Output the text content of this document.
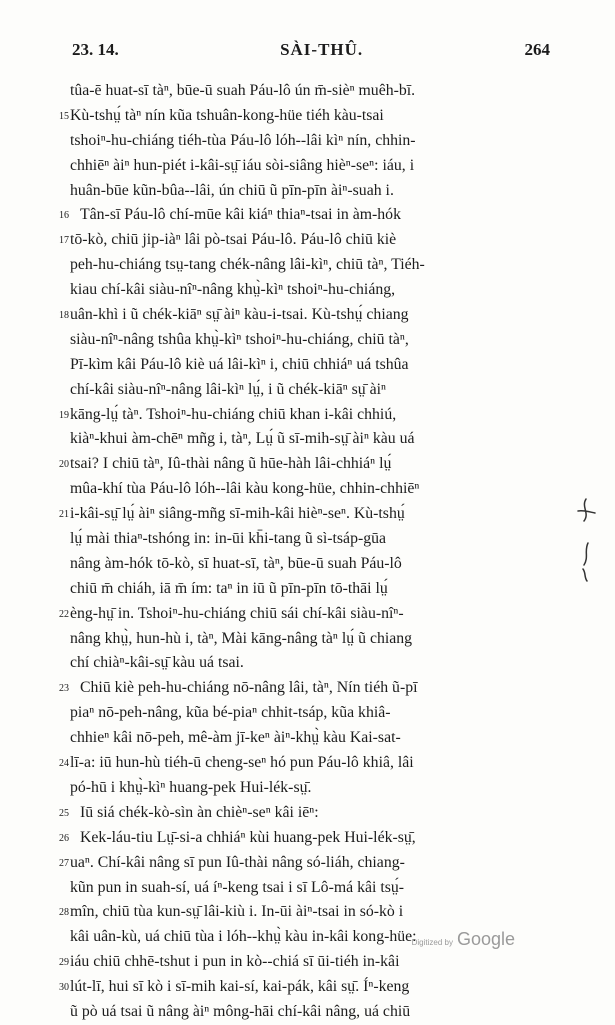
23. 14.	SÀI-THÛ.	264
tûa-ē huat-sī tàⁿ, būe-ū suah Páu-lô ún m̄-sièⁿ muêh-bī.
15 Kù-tshṳ́ tàⁿ nín kũa tshuân-kong-hüe tiéh kàu-tsai
tshoiⁿ-hu-chiáng tiéh-tùa Páu-lô lóh--lâi kìⁿ nín, chhin-
chhiēⁿ àiⁿ hun-piét i-kâi-sṳ̄ iáu sòi-siâng hièⁿ-seⁿ: iáu, i
huân-būe kũn-bûa--lâi, ún chiū ũ pīn-pīn àiⁿ-suah i.
16 Tân-sī Páu-lô chí-mūe kâi kiáⁿ thiaⁿ-tsai in àm-hók
17 tō-kò, chiū jip-iàⁿ lâi pò-tsai Páu-lô. Páu-lô chiū kiè
peh-hu-chiáng tsṳ-tang chék-nâng lâi-kìⁿ, chiū tàⁿ, Tiéh-
kiau chí-kâi siàu-nîⁿ-nâng khṳ̀-kìⁿ tshoiⁿ-hu-chiáng,
18 uân-khì i ũ chék-kiāⁿ sṳ̄ àiⁿ kàu-i-tsai. Kù-tshṳ́ chiang
siàu-nîⁿ-nâng tshûa khṳ̀-kìⁿ tshoiⁿ-hu-chiáng, chiū tàⁿ,
Pī-kìm kâi Páu-lô kiè uá lâi-kìⁿ i, chiū chhiáⁿ uá tshûa
chí-kâi siàu-nîⁿ-nâng lâi-kìⁿ lṳ́, i ũ chék-kiāⁿ sṳ̄ àiⁿ
19 kāng-lṳ́ tàⁿ. Tshoiⁿ-hu-chiáng chiū khan i-kâi chhiú,
kiàⁿ-khui àm-chēⁿ mñg i, tàⁿ, Lṳ́ ũ sī-mih-sṳ̄ àiⁿ kàu uá
20 tsai? I chiū tàⁿ, Iû-thài nâng ũ hūe-hàh lâi-chhiáⁿ lṳ́
mûa-khí tùa Páu-lô lóh--lâi kàu kong-hüe, chhin-chhiēⁿ
21 i-kâi-sṳ̄ lṳ́ àiⁿ siâng-mñg sī-mih-kâi hièⁿ-seⁿ. Kù-tshṳ́
lṳ́ mài thiaⁿ-tshóng in: in-ūi kh̄i-tang ũ sì-tsáp-gūa
nâng àm-hók tō-kò, sī huat-sī, tàⁿ, būe-ū suah Páu-lô
chiū m̄ chiáh, iā m̄ ím: taⁿ in iū ũ pīn-pīn tō-thāi lṳ́
22 èng-hṳ̄ in. Tshoiⁿ-hu-chiáng chiū sái chí-kâi siàu-nîⁿ-
nâng khṳ̀, hun-hù i, tàⁿ, Mài kāng-nâng tàⁿ lṳ́ ũ chiang
chí chiàⁿ-kâi-sṳ̄ kàu uá tsai.
23 Chiū kiè peh-hu-chiáng nō-nâng lâi, tàⁿ, Nín tiéh ũ-pī
piaⁿ nō-peh-nâng, kũa bé-piaⁿ chhit-tsáp, kũa khiâ-
chhieⁿ kâi nō-peh, mê-àm jī-keⁿ àiⁿ-khṳ̀ kàu Kai-sat-
24 lī-a: iū hun-hù tiéh-ū cheng-seⁿ hó pun Páu-lô khiâ, lâi
pó-hū i khṳ̀-kìⁿ huang-pek Hui-lék-sṳ̄.
25 Iū siá chék-kò-sìn àn chièⁿ-seⁿ kâi iēⁿ:
26 Kek-láu-tiu Lṳ̄-si-a chhiáⁿ kùi huang-pek Hui-lék-sṳ̄,
27 uaⁿ. Chí-kâi nâng sī pun Iû-thài nâng só-liáh, chiang-
kũn pun in suah-sí, uá íⁿ-keng tsai i sī Lô-má kâi tsṳ́-
28 mîn, chiū tùa kun-sṳ̄ lâi-kiù i. In-ūi àiⁿ-tsai in só-kò i
kâi uân-kù, uá chiū tùa i lóh--khṳ̀ kàu in-kâi kong-hüe:
29 iáu chiū chhē-tshut i pun in kò--chiá sī ūi-tiéh in-kâi
30 lút-lī, hui sī kò i sī-mih kai-sí, kai-pák, kâi sṳ̄. Íⁿ-keng
ũ pò uá tsai ũ nâng àiⁿ mông-hāi chí-kâi nâng, uá chiū
Digitized by Google
